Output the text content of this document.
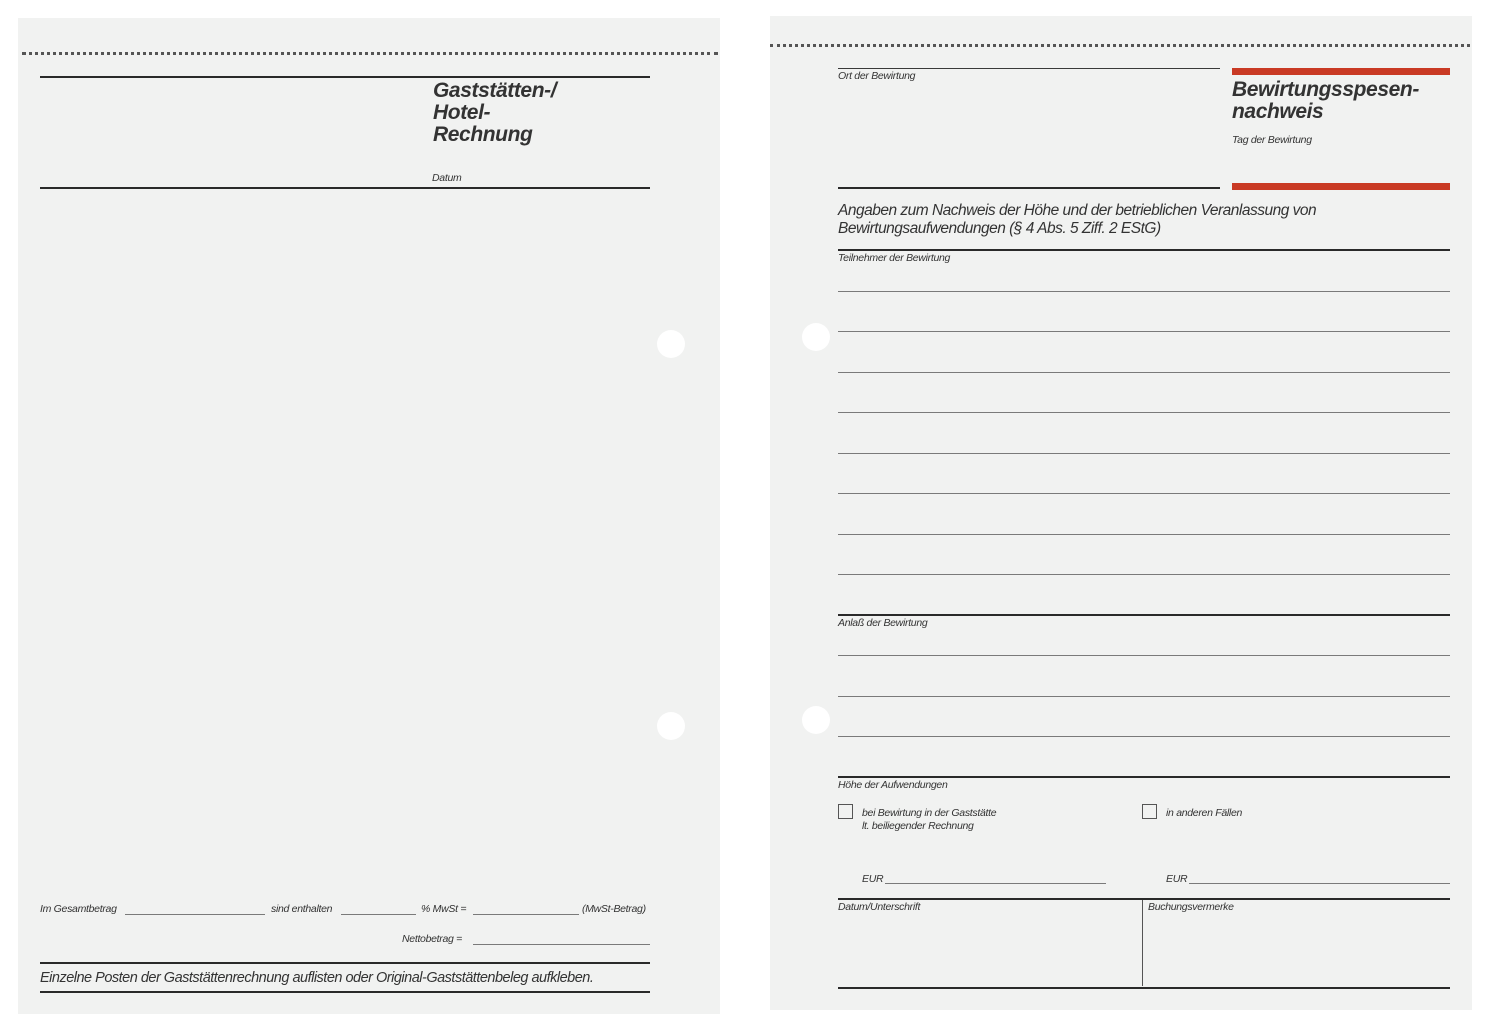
Gaststätten-/
Hotel-
Rechnung
Datum
Im Gesamtbetrag	sind enthalten	% MwSt =	(MwSt-Betrag)
Nettobetrag =
Einzelne Posten der Gaststättenrechnung auflisten oder Original-Gaststättenbeleg aufkleben.
Ort der Bewirtung
Bewirtungsspesen-
nachweis
Tag der Bewirtung
Angaben zum Nachweis der Höhe und der betrieblichen Veranlassung von
Bewirtungsaufwendungen (§ 4 Abs. 5 Ziff. 2 EStG)
Teilnehmer der Bewirtung
Anlaß der Bewirtung
Höhe der Aufwendungen
bei Bewirtung in der Gaststätte
lt. beiliegender Rechnung
in anderen Fällen
EUR	EUR
Datum/Unterschrift	Buchungsvermerke
